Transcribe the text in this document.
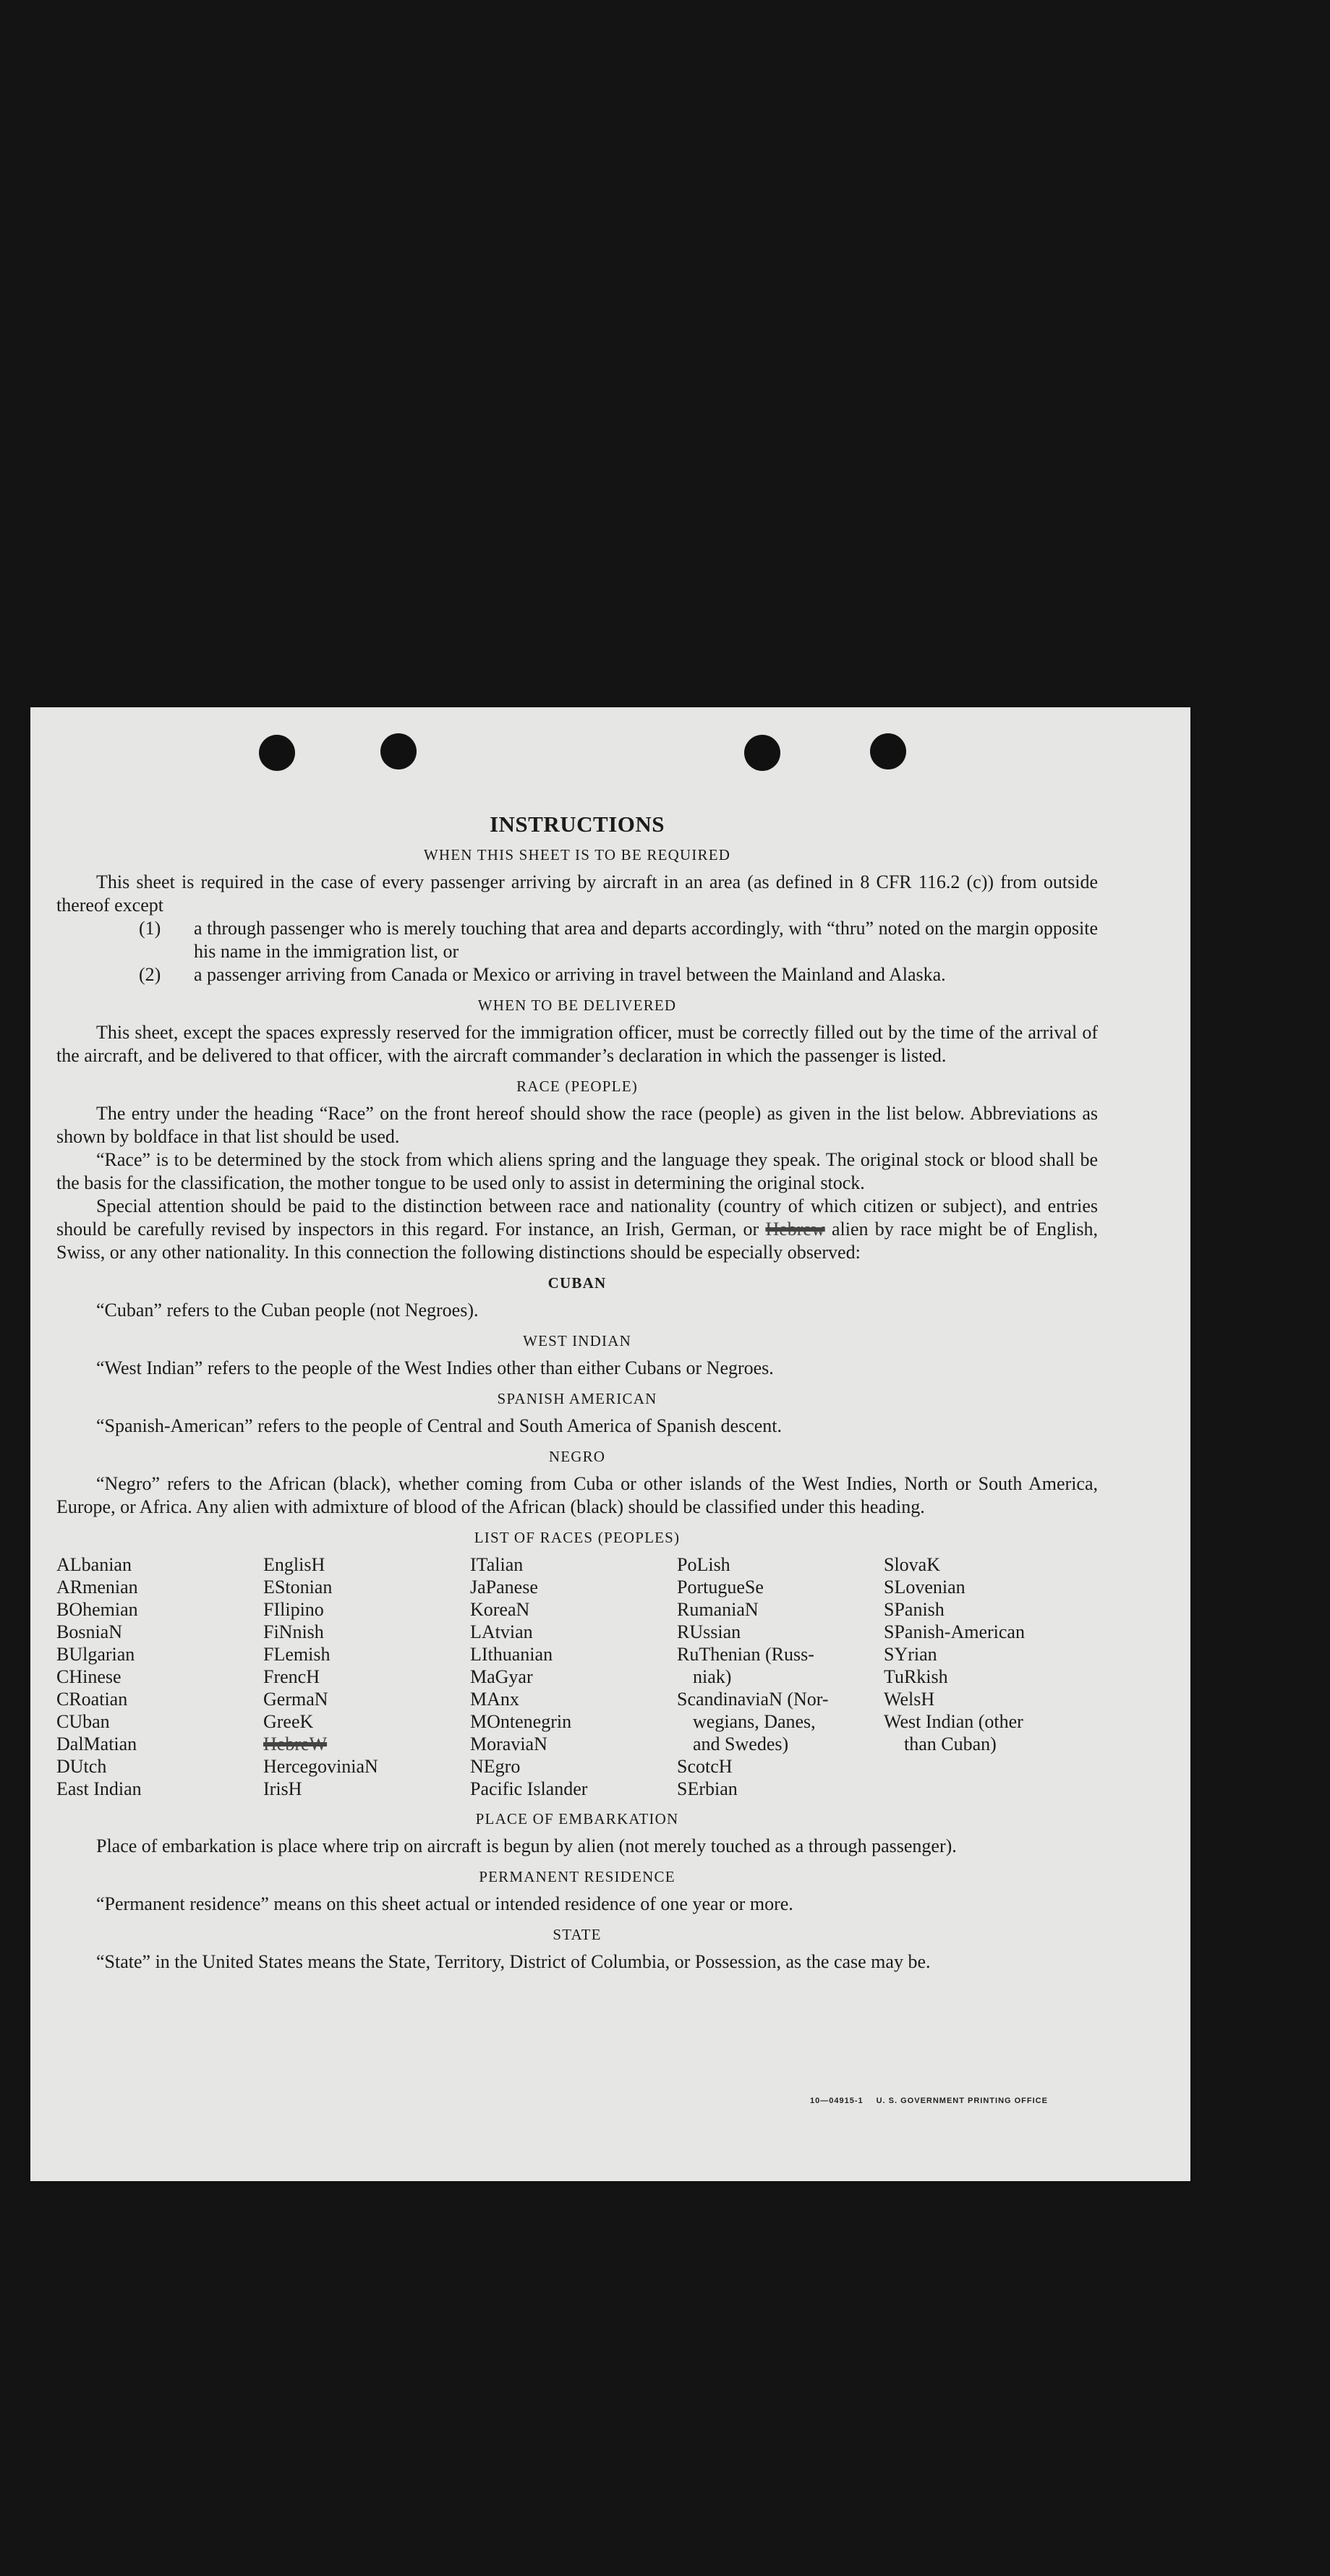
INSTRUCTIONS
WHEN THIS SHEET IS TO BE REQUIRED

This sheet is required in the case of every passenger arriving by aircraft in an area (as defined in 8 CFR 116.2 (c)) from outside thereof except

(1) a through passenger who is merely touching that area and departs accordingly, with “thru” noted on the margin opposite his name in the immigration list, or

(2) a passenger arriving from Canada or Mexico or arriving in travel between the Mainland and Alaska.

WHEN TO BE DELIVERED

This sheet, except the spaces expressly reserved for the immigration officer, must be correctly filled out by the time of the arrival of the aircraft, and be delivered to that officer, with the aircraft commander’s declaration in which the passenger is listed.

RACE (PEOPLE)

The entry under the heading “Race” on the front hereof should show the race (people) as given in the list below. Abbreviations as shown by boldface in that list should be used.

“Race” is to be determined by the stock from which aliens spring and the language they speak. The original stock or blood shall be the basis for the classification, the mother tongue to be used only to assist in determining the original stock.

Special attention should be paid to the distinction between race and nationality (country of which citizen or subject), and entries should be carefully revised by inspectors in this regard. For instance, an Irish, German, or Hebrew alien by race might be of English, Swiss, or any other nationality. In this connection the following distinctions should be especially observed:

CUBAN

“Cuban” refers to the Cuban people (not Negroes).

WEST INDIAN

“West Indian” refers to the people of the West Indies other than either Cubans or Negroes.

SPANISH AMERICAN

“Spanish-American” refers to the people of Central and South America of Spanish descent.

NEGRO

“Negro” refers to the African (black), whether coming from Cuba or other islands of the West Indies, North or South America, Europe, or Africa. Any alien with admixture of blood of the African (black) should be classified under this heading.

LIST OF RACES (PEOPLES)
ALbanian
ARmenian
BOhemian
BosniaN
BUlgarian
CHinese
CRoatian
CUban
DalMatian
DUtch
East Indian
EnglisH
EStonian
FIlipino
FiNnish
FLemish
FrencH
GermaN
GreeK
HebreW
HercegoviniaN
IrisH
ITalian
JaPanese
KoreaN
LAtvian
LIthuanian
MaGyar
MAnx
MOntenegrin
MoraviaN
NEgro
Pacific Islander
PoLish
PortugueSe
RumaniaN
RUssian
RuThenian (Russ-
niak)
ScandinaviaN (Nor-
wegians, Danes,
and Swedes)
ScotcH
SErbian
SlovaK
SLovenian
SPanish
SPanish-American
SYrian
TuRkish
WelsH
West Indian (other
than Cuban)
PLACE OF EMBARKATION

Place of embarkation is place where trip on aircraft is begun by alien (not merely touched as a through passenger).

PERMANENT RESIDENCE

“Permanent residence” means on this sheet actual or intended residence of one year or more.

STATE

“State” in the United States means the State, Territory, District of Columbia, or Possession, as the case may be.

10—04915-1 U. S. GOVERNMENT PRINTING OFFICE
